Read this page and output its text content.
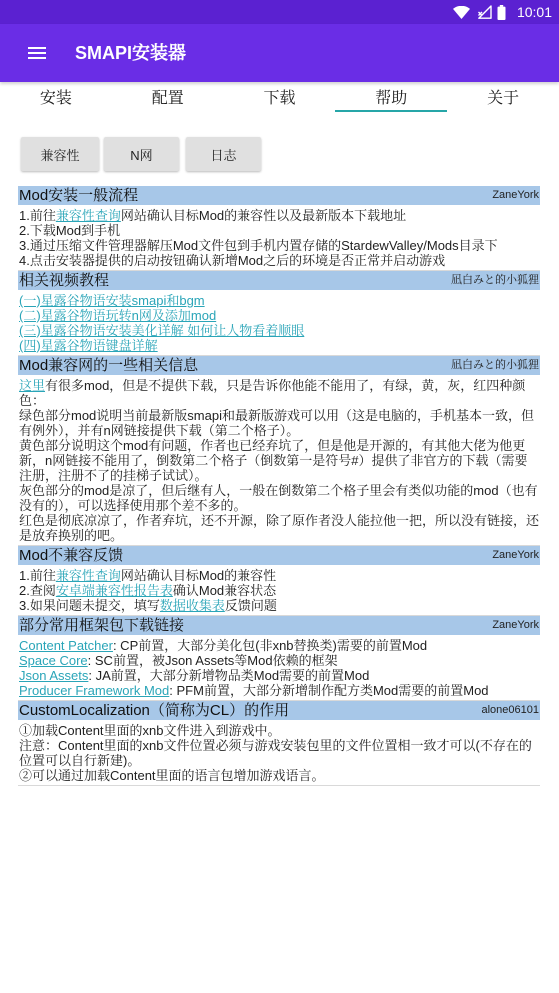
10:01
SMAPI安装器
安装	配置	下载	帮助	关于
兼容性	N网	日志
Mod安装一般流程	ZaneYork
1.前往兼容性查询网站确认目标Mod的兼容性以及最新版本下载地址
2.下载Mod到手机
3.通过压缩文件管理器解压Mod文件包到手机内置存储的StardewValley/Mods目录下
4.点击安装器提供的启动按钮确认新增Mod之后的环境是否正常并启动游戏
相关视频教程	凪白みと的小狐狸
(一)星露谷物语安装smapi和bgm
(二)星露谷物语玩转n网及添加mod
(三)星露谷物语安装美化详解 如何让人物看着顺眼
(四)星露谷物语键盘详解
Mod兼容网的一些相关信息	凪白みと的小狐狸
这里有很多mod，但是不提供下载，只是告诉你他能不能用了，有绿，黄，灰，红四种颜色：
绿色部分mod说明当前最新版smapi和最新版游戏可以用（这是电脑的，手机基本一致，但有例外），并有n网链接提供下载（第二个格子）。
黄色部分说明这个mod有问题，作者也已经弃坑了，但是他是开源的，有其他大佬为他更新，n网链接不能用了，倒数第二个格子（倒数第一是符号#）提供了非官方的下载（需要注册，注册不了的挂梯子试试）。
灰色部分的mod是凉了，但后继有人，一般在倒数第二个格子里会有类似功能的mod（也有没有的），可以选择使用那个差不多的。
红色是彻底凉凉了，作者弃坑，还不开源，除了原作者没人能拉他一把，所以没有链接，还是放弃换别的吧。
Mod不兼容反馈	ZaneYork
1.前往兼容性查询网站确认目标Mod的兼容性
2.查阅安卓端兼容性报告表确认Mod兼容状态
3.如果问题未提交，填写数据收集表反馈问题
部分常用框架包下载链接	ZaneYork
Content Patcher: CP前置，大部分美化包(非xnb替换类)需要的前置Mod
Space Core: SC前置，被Json Assets等Mod依赖的框架
Json Assets: JA前置，大部分新增物品类Mod需要的前置Mod
Producer Framework Mod: PFM前置，大部分新增制作配方类Mod需要的前置Mod
CustomLocalization（简称为CL）的作用	alone06101
①加载Content里面的xnb文件进入到游戏中。
注意：Content里面的xnb文件位置必须与游戏安装包里的文件位置相一致才可以(不存在的位置可以自行新建)。
②可以通过加载Content里面的语言包增加游戏语言。
